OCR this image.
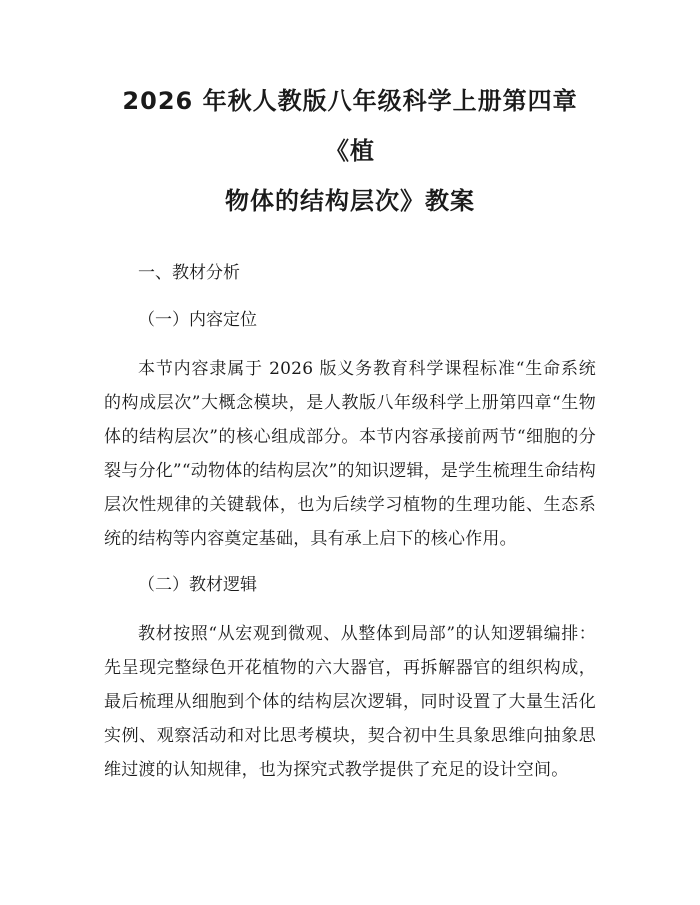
2026 年秋人教版八年级科学上册第四章《植
物体的结构层次》教案

一、教材分析

（一）内容定位

本节内容隶属于 2026 版义务教育科学课程标准“生命系统的构成层次”大概念模块，是人教版八年级科学上册第四章“生物体的结构层次”的核心组成部分。本节内容承接前两节“细胞的分裂与分化”“动物体的结构层次”的知识逻辑，是学生梳理生命结构层次性规律的关键载体，也为后续学习植物的生理功能、生态系统的结构等内容奠定基础，具有承上启下的核心作用。

（二）教材逻辑

教材按照“从宏观到微观、从整体到局部”的认知逻辑编排：先呈现完整绿色开花植物的六大器官，再拆解器官的组织构成，最后梳理从细胞到个体的结构层次逻辑，同时设置了大量生活化实例、观察活动和对比思考模块，契合初中生具象思维向抽象思维过渡的认知规律，也为探究式教学提供了充足的设计空间。
